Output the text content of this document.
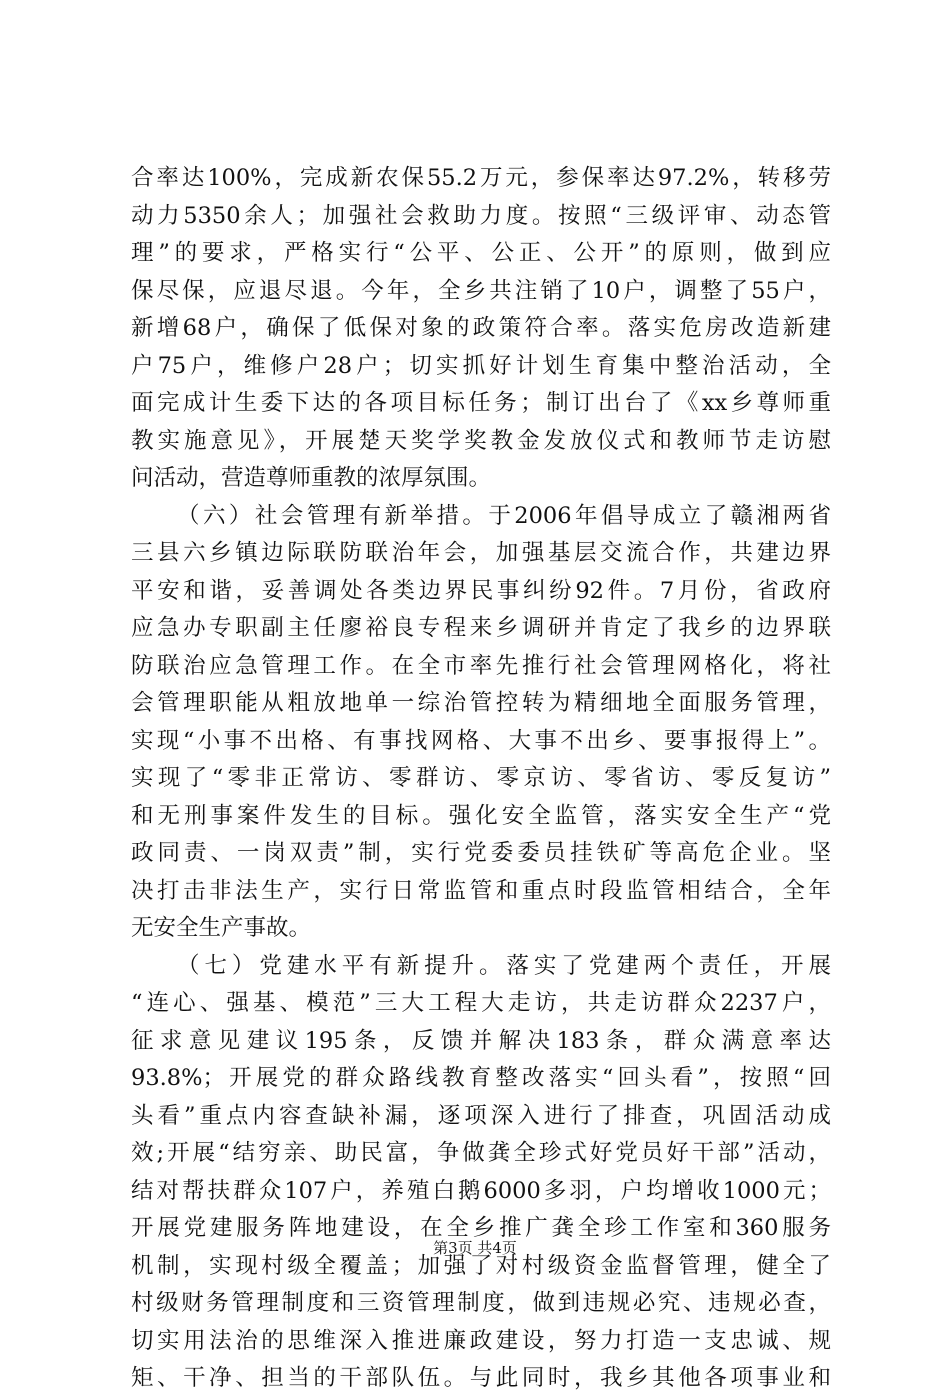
合率达100%，完成新农保55.2万元，参保率达97.2%，转移劳
动力5350余人；加强社会救助力度。按照“三级评审、动态管
理”的要求，严格实行“公平、公正、公开”的原则，做到应
保尽保，应退尽退。今年，全乡共注销了10户，调整了55户，
新增68户，确保了低保对象的政策符合率。落实危房改造新建
户75户，维修户28户；切实抓好计划生育集中整治活动，全
面完成计生委下达的各项目标任务；制订出台了《xx乡尊师重
教实施意见》，开展楚天奖学奖教金发放仪式和教师节走访慰
问活动，营造尊师重教的浓厚氛围。
（六）社会管理有新举措。于2006年倡导成立了赣湘两省
三县六乡镇边际联防联治年会，加强基层交流合作，共建边界
平安和谐，妥善调处各类边界民事纠纷92件。7月份，省政府
应急办专职副主任廖裕良专程来乡调研并肯定了我乡的边界联
防联治应急管理工作。在全市率先推行社会管理网格化，将社
会管理职能从粗放地单一综治管控转为精细地全面服务管理，
实现“小事不出格、有事找网格、大事不出乡、要事报得上”。
实现了“零非正常访、零群访、零京访、零省访、零反复访”
和无刑事案件发生的目标。强化安全监管，落实安全生产“党
政同责、一岗双责”制，实行党委委员挂铁矿等高危企业。坚
决打击非法生产，实行日常监管和重点时段监管相结合，全年
无安全生产事故。
（七）党建水平有新提升。落实了党建两个责任，开展
“连心、强基、模范”三大工程大走访，共走访群众2237户，
征求意见建议195条，反馈并解决183条，群众满意率达
93.8%；开展党的群众路线教育整改落实“回头看”，按照“回
头看”重点内容查缺补漏，逐项深入进行了排查，巩固活动成
效;开展“结穷亲、助民富，争做龚全珍式好党员好干部”活动，
结对帮扶群众107户，养殖白鹅6000多羽，户均增收1000元；
开展党建服务阵地建设，在全乡推广龚全珍工作室和360服务
机制，实现村级全覆盖；加强了对村级资金监督管理，健全了
村级财务管理制度和三资管理制度，做到违规必究、违规必查，
切实用法治的思维深入推进廉政建设，努力打造一支忠诚、规
矩、干净、担当的干部队伍。与此同时，我乡其他各项事业和
第3页 共4页
